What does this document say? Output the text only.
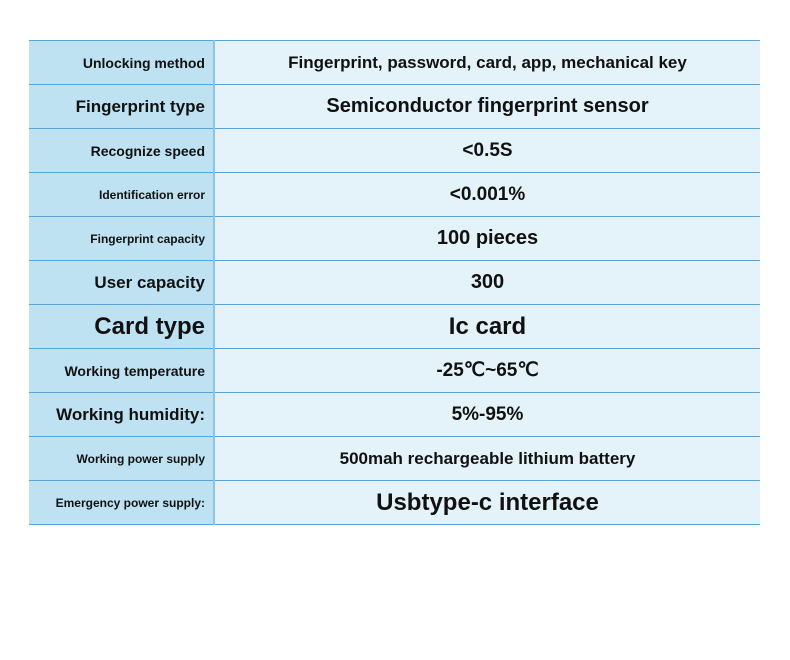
Unlocking method	Fingerprint, password, card, app, mechanical key
Fingerprint type	Semiconductor fingerprint sensor
Recognize speed	<0.5S
Identification error	<0.001%
Fingerprint capacity	100 pieces
User capacity	300
Card type	Ic card
Working temperature	-25℃~65℃
Working humidity:	5%-95%
Working power supply	500mah rechargeable lithium battery
Emergency power supply:	Usbtype-c interface
